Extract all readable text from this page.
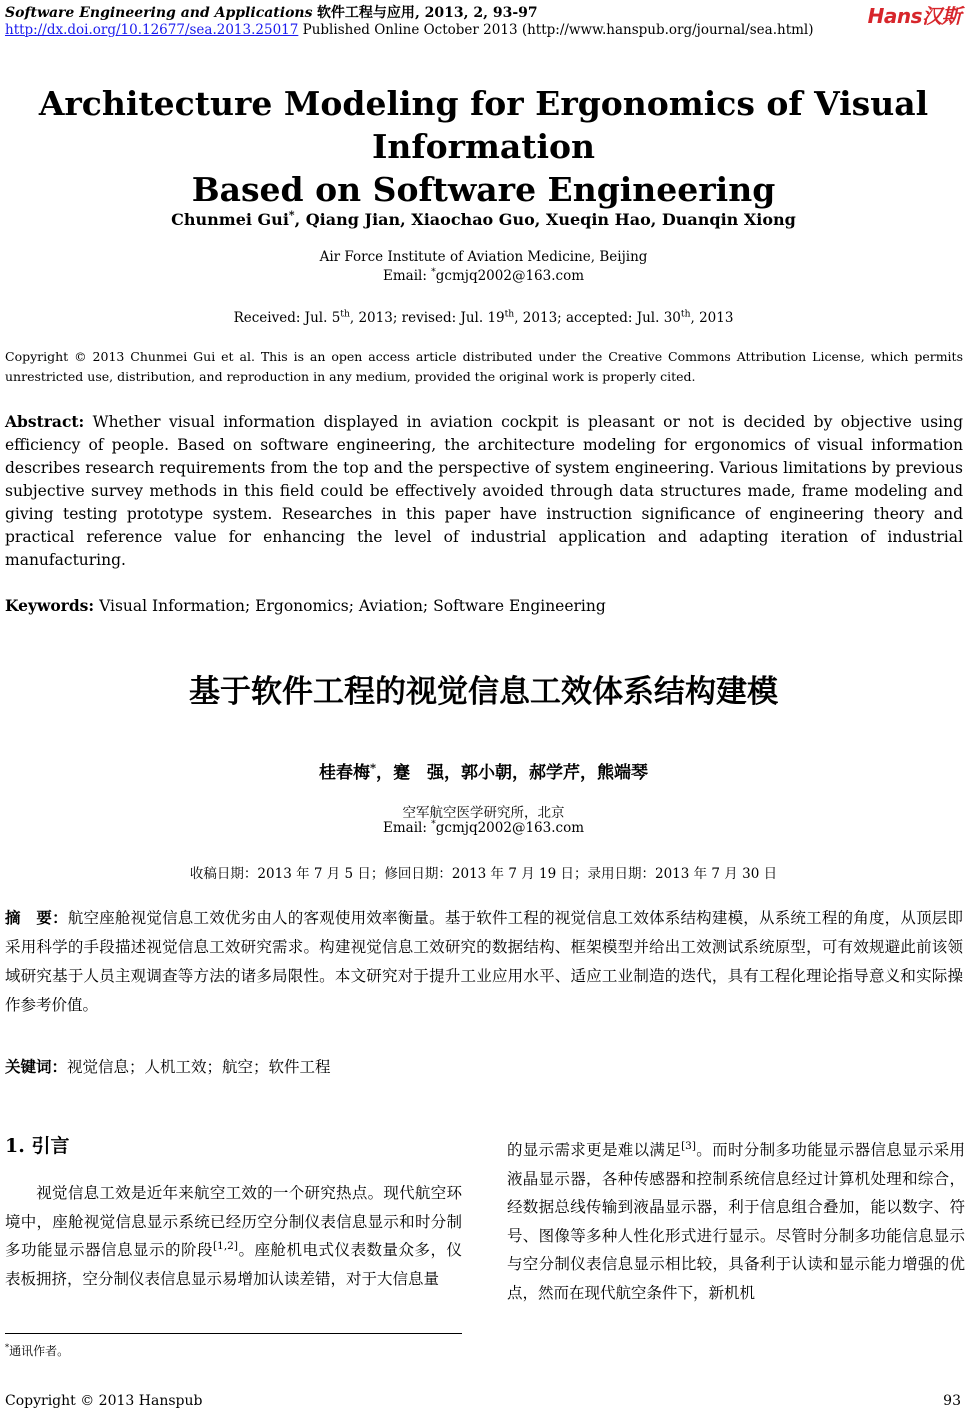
Software Engineering and Applications 软件工程与应用, 2013, 2, 93-97	Hans汉斯
http://dx.doi.org/10.12677/sea.2013.25017 Published Online October 2013 (http://www.hanspub.org/journal/sea.html)
Architecture Modeling for Ergonomics of Visual Information
Based on Software Engineering
Chunmei Gui*, Qiang Jian, Xiaochao Guo, Xueqin Hao, Duanqin Xiong
Air Force Institute of Aviation Medicine, Beijing
Email: *gcmjq2002@163.com
Received: Jul. 5th, 2013; revised: Jul. 19th, 2013; accepted: Jul. 30th, 2013
Copyright © 2013 Chunmei Gui et al. This is an open access article distributed under the Creative Commons Attribution License, which permits unrestricted use, distribution, and reproduction in any medium, provided the original work is properly cited.
Abstract: Whether visual information displayed in aviation cockpit is pleasant or not is decided by objective using efficiency of people. Based on software engineering, the architecture modeling for ergonomics of visual information describes research requirements from the top and the perspective of system engineering. Various limitations by previous subjective survey methods in this field could be effectively avoided through data structures made, frame modeling and giving testing prototype system. Researches in this paper have instruction significance of engineering theory and practical reference value for enhancing the level of industrial application and adapting iteration of industrial manufacturing.
Keywords: Visual Information; Ergonomics; Aviation; Software Engineering
基于软件工程的视觉信息工效体系结构建模
桂春梅*，蹇　强，郭小朝，郝学芹，熊端琴
空军航空医学研究所，北京
Email: *gcmjq2002@163.com
收稿日期：2013 年 7 月 5 日；修回日期：2013 年 7 月 19 日；录用日期：2013 年 7 月 30 日
摘　要：航空座舱视觉信息工效优劣由人的客观使用效率衡量。基于软件工程的视觉信息工效体系结构建模，从系统工程的角度，从顶层即采用科学的手段描述视觉信息工效研究需求。构建视觉信息工效研究的数据结构、框架模型并给出工效测试系统原型，可有效规避此前该领域研究基于人员主观调查等方法的诸多局限性。本文研究对于提升工业应用水平、适应工业制造的迭代，具有工程化理论指导意义和实际操作参考价值。
关键词：视觉信息；人机工效；航空；软件工程
1. 引言
视觉信息工效是近年来航空工效的一个研究热点。现代航空环境中，座舱视觉信息显示系统已经历空分制仪表信息显示和时分制多功能显示器信息显示的阶段[1,2]。座舱机电式仪表数量众多，仪表板拥挤，空分制仪表信息显示易增加认读差错，对于大信息量
的显示需求更是难以满足[3]。而时分制多功能显示器信息显示采用液晶显示器，各种传感器和控制系统信息经过计算机处理和综合，经数据总线传输到液晶显示器，利于信息组合叠加，能以数字、符号、图像等多种人性化形式进行显示。尽管时分制多功能信息显示与空分制仪表信息显示相比较，具备利于认读和显示能力增强的优点，然而在现代航空条件下，新机机
*通讯作者。
Copyright © 2013 Hanspub	93
